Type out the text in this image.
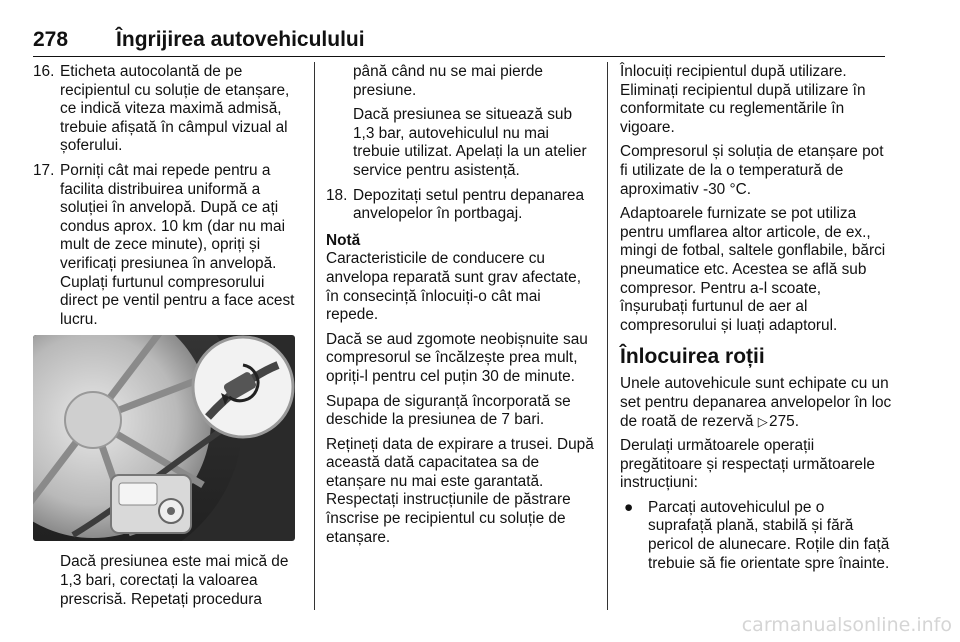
278 Îngrijirea autovehiculului
16. Eticheta autocolantă de pe recipientul cu soluție de etanșare, ce indică viteza maximă admisă, trebuie afișată în câmpul vizual al șoferului.
17. Porniți cât mai repede pentru a facilita distribuirea uniformă a soluției în anvelopă. După ce ați condus aprox. 10 km (dar nu mai mult de zece minute), opriți și verificați presiunea în anvelopă. Cuplați furtunul compresorului direct pe ventil pentru a face acest lucru.

Dacă presiunea este mai mică de 1,3 bari, corectați la valoarea prescrisă. Repetați procedura

până când nu se mai pierde presiune.

Dacă presiunea se situează sub 1,3 bar, autovehiculul nu mai trebuie utilizat. Apelați la un atelier service pentru asistență.

18. Depozitați setul pentru depanarea anvelopelor în portbagaj.
Notă

Caracteristicile de conducere cu anvelopa reparată sunt grav afectate, în consecință înlocuiți-o cât mai repede.

Dacă se aud zgomote neobișnuite sau compresorul se încălzește prea mult, opriți-l pentru cel puțin 30 de minute.

Supapa de siguranță încorporată se deschide la presiunea de 7 bari.

Rețineți data de expirare a trusei. După această dată capacitatea sa de etanșare nu mai este garantată. Respectați instrucțiunile de păstrare înscrise pe recipientul cu soluție de etanșare.

Înlocuiți recipientul după utilizare. Eliminați recipientul după utilizare în conformitate cu reglementările în vigoare.

Compresorul și soluția de etanșare pot fi utilizate de la o temperatură de aproximativ -30 °C.

Adaptoarele furnizate se pot utiliza pentru umflarea altor articole, de ex., mingi de fotbal, saltele gonflabile, bărci pneumatice etc. Acestea se află sub compresor. Pentru a-l scoate, înșurubați furtunul de aer al compresorului și luați adaptorul.

Înlocuirea roții

Unele autovehicule sunt echipate cu un set pentru depanarea anvelopelor în loc de roată de rezervă ▷ 275.

Derulați următoarele operații pregătitoare și respectați următoarele instrucțiuni:

● Parcați autovehiculul pe o suprafață plană, stabilă și fără pericol de alunecare. Roțile din față trebuie să fie orientate spre înainte.
carmanualsonline.info
